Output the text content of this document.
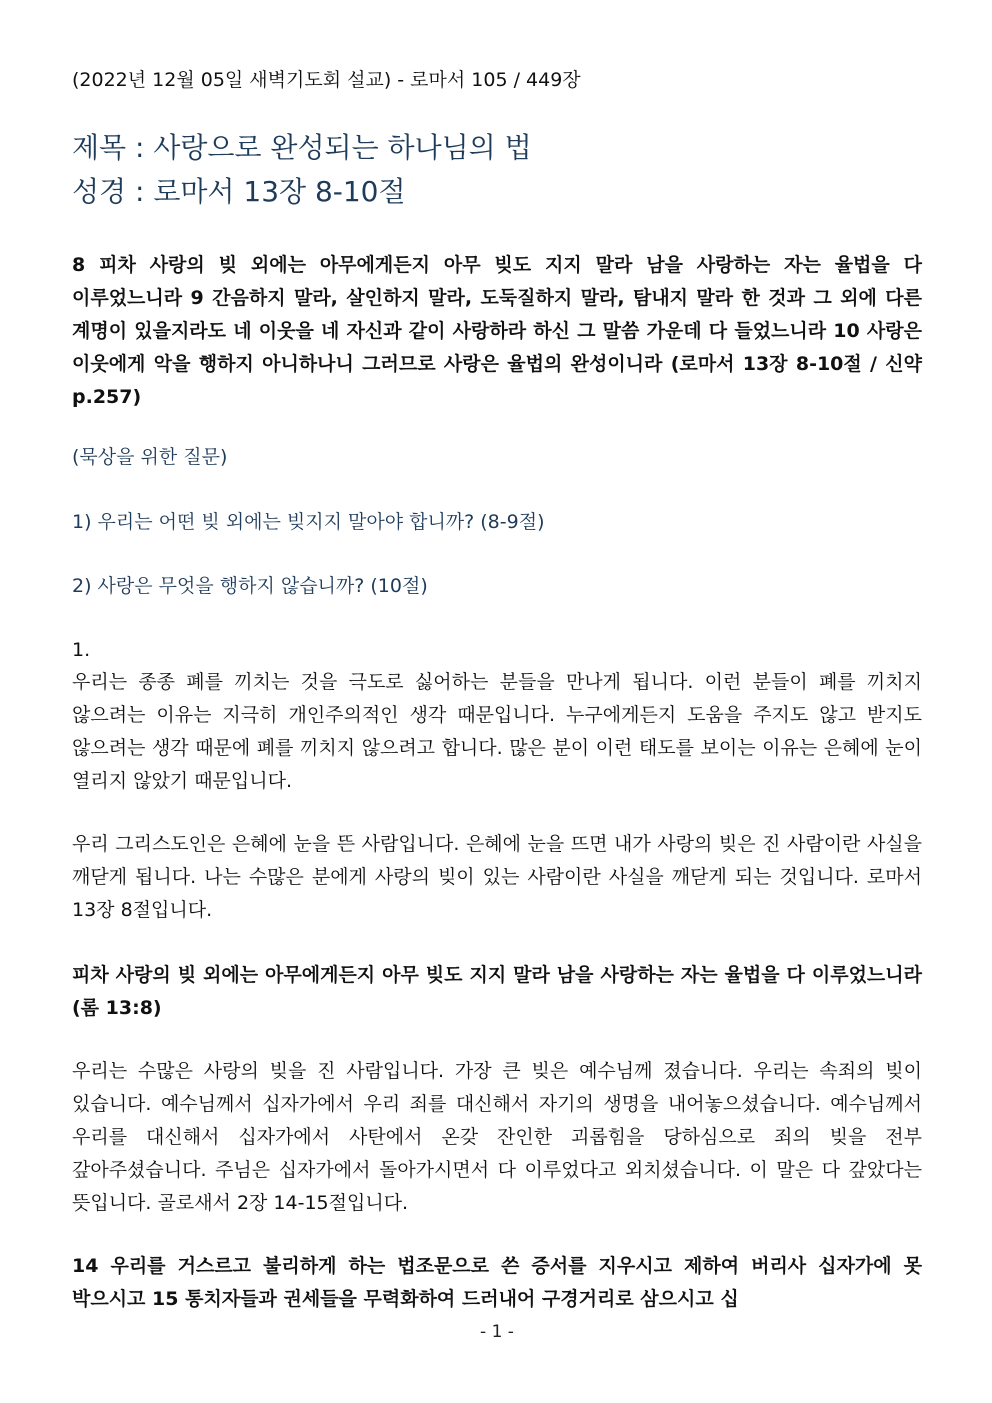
(2022년 12월 05일 새벽기도회 설교) - 로마서 105 / 449장
제목 : 사랑으로 완성되는 하나님의 법
성경 : 로마서 13장 8-10절
8 피차 사랑의 빚 외에는 아무에게든지 아무 빚도 지지 말라 남을 사랑하는 자는 율법을 다 이루었느니라 9 간음하지 말라, 살인하지 말라, 도둑질하지 말라, 탐내지 말라 한 것과 그 외에 다른 계명이 있을지라도 네 이웃을 네 자신과 같이 사랑하라 하신 그 말씀 가운데 다 들었느니라 10 사랑은 이웃에게 악을 행하지 아니하나니 그러므로 사랑은 율법의 완성이니라 (로마서 13장 8-10절 / 신약 p.257)
(묵상을 위한 질문)
1) 우리는 어떤 빚 외에는 빚지지 말아야 합니까? (8-9절)
2) 사랑은 무엇을 행하지 않습니까? (10절)
1.
우리는 종종 폐를 끼치는 것을 극도로 싫어하는 분들을 만나게 됩니다. 이런 분들이 폐를 끼치지 않으려는 이유는 지극히 개인주의적인 생각 때문입니다. 누구에게든지 도움을 주지도 않고 받지도 않으려는 생각 때문에 폐를 끼치지 않으려고 합니다. 많은 분이 이런 태도를 보이는 이유는 은혜에 눈이 열리지 않았기 때문입니다.
우리 그리스도인은 은혜에 눈을 뜬 사람입니다. 은혜에 눈을 뜨면 내가 사랑의 빚은 진 사람이란 사실을 깨닫게 됩니다. 나는 수많은 분에게 사랑의 빚이 있는 사람이란 사실을 깨닫게 되는 것입니다. 로마서 13장 8절입니다.
피차 사랑의 빚 외에는 아무에게든지 아무 빚도 지지 말라 남을 사랑하는 자는 율법을 다 이루었느니라 (롬 13:8)
우리는 수많은 사랑의 빚을 진 사람입니다. 가장 큰 빚은 예수님께 졌습니다. 우리는 속죄의 빚이 있습니다. 예수님께서 십자가에서 우리 죄를 대신해서 자기의 생명을 내어놓으셨습니다. 예수님께서 우리를 대신해서 십자가에서 사탄에서 온갖 잔인한 괴롭힘을 당하심으로 죄의 빚을 전부 갚아주셨습니다. 주님은 십자가에서 돌아가시면서 다 이루었다고 외치셨습니다. 이 말은 다 갚았다는 뜻입니다. 골로새서 2장 14-15절입니다.
14 우리를 거스르고 불리하게 하는 법조문으로 쓴 증서를 지우시고 제하여 버리사 십자가에 못 박으시고 15 통치자들과 권세들을 무력화하여 드러내어 구경거리로 삼으시고 십
- 1 -
